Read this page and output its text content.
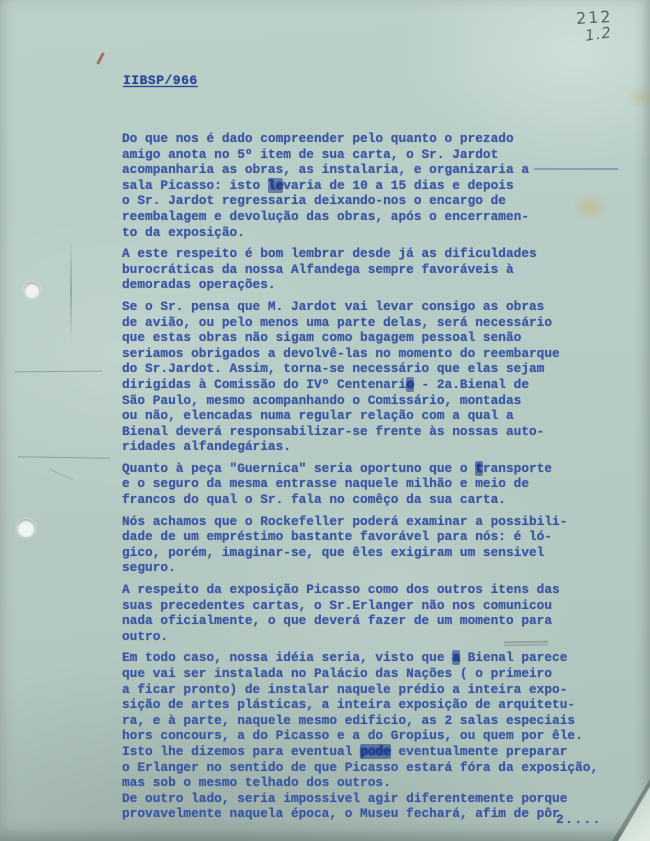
212
1.2
IIBSP/966
Do que nos é dado compreender pelo quanto o prezado
amigo anota no 5º item de sua carta, o Sr. Jardot
acompanharia as obras, as instalaria, e organizaria a
sala Picasso: isto levaria de 10 a 15 dias e depois
o Sr. Jardot regressaria deixando-nos o encargo de
reembalagem e devolução das obras, após o encerramen-
to da exposição.
A este respeito é bom lembrar desde já as dificuldades
burocráticas da nossa Alfandega sempre favoráveis à
demoradas operações.
Se o Sr. pensa que M. Jardot vai levar consigo as obras
de avião, ou pelo menos uma parte delas, será necessário
que estas obras não sigam como bagagem pessoal senão
seriamos obrigados a devolvê-las no momento do reembarque
do Sr.Jardot. Assim, torna-se necessário que elas sejam
dirigidas à Comissão do IVº Centenario - 2a.Bienal de
São Paulo, mesmo acompanhando o Comissário, montadas
ou não, elencadas numa regular relação com a qual a
Bienal deverá responsabilizar-se frente às nossas auto-
ridades alfandegárias.
Quanto à peça "Guernica" seria oportuno que o transporte
e o seguro da mesma entrasse naquele milhão e meio de
francos do qual o Sr. fala no comêço da sua carta.
Nós achamos que o Rockefeller poderá examinar a possibili-
dade de um empréstimo bastante favorável para nós: é ló-
gico, porém, imaginar-se, que êles exigiram um sensivel
seguro.
A respeito da exposição Picasso como dos outros itens das
suas precedentes cartas, o Sr.Erlanger não nos comunicou
nada oficialmente, o que deverá fazer de um momento para
outro.
Em todo caso, nossa idéia seria, visto que a Bienal parece
que vai ser instalada no Palácio das Nações ( o primeiro
a ficar pronto) de instalar naquele prédio a inteira expo-
sição de artes plásticas, a inteira exposição de arquitetu-
ra, e à parte, naquele mesmo edificio, as 2 salas especiais
hors concours, a do Picasso e a do Gropius, ou quem por êle.
Isto lhe dizemos para eventual pode eventualmente preparar
o Erlanger no sentido de que Picasso estará fóra da exposição,
mas sob o mesmo telhado dos outros.
De outro lado, seria impossivel agir diferentemente porque
provavelmente naquela época, o Museu fechará, afim de pôr
2....
